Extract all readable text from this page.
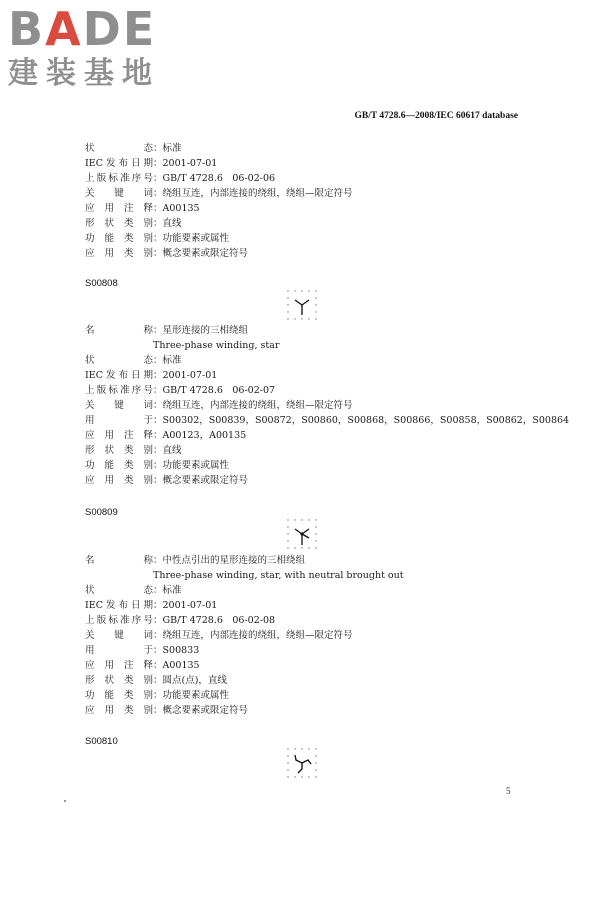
BADE
建装基地
GB/T 4728.6—2008/IEC 60617 database
状　　态：标准
IEC发布日期：2001-07-01
上版标准序号：GB/T 4728.6　06-02-06
关　键　词：绕组互连，内部连接的绕组，绕组—限定符号
应　用　注　释：A00135
形　状　类　别：直线
功　能　类　别：功能要素或属性
应　用　类　别：概念要素或限定符号
S00808
名　　称：星形连接的三相绕组
Three-phase winding, star
状　　态：标准
IEC发布日期：2001-07-01
上版标准序号：GB/T 4728.6　06-02-07
关　键　词：绕组互连，内部连接的绕组，绕组—限定符号
用　　于：S00302，S00839，S00872，S00860，S00868，S00866，S00858，S00862，S00864
应　用　注　释：A00123，A00135
形　状　类　别：直线
功　能　类　别：功能要素或属性
应　用　类　别：概念要素或限定符号
S00809
名　　称：中性点引出的星形连接的三相绕组
Three-phase winding, star, with neutral brought out
状　　态：标准
IEC发布日期：2001-07-01
上版标准序号：GB/T 4728.6　06-02-08
关　键　词：绕组互连，内部连接的绕组，绕组—限定符号
用　　于：S00833
应　用　注　释：A00135
形　状　类　别：圆点(点)，直线
功　能　类　别：功能要素或属性
应　用　类　别：概念要素或限定符号
S00810
5
